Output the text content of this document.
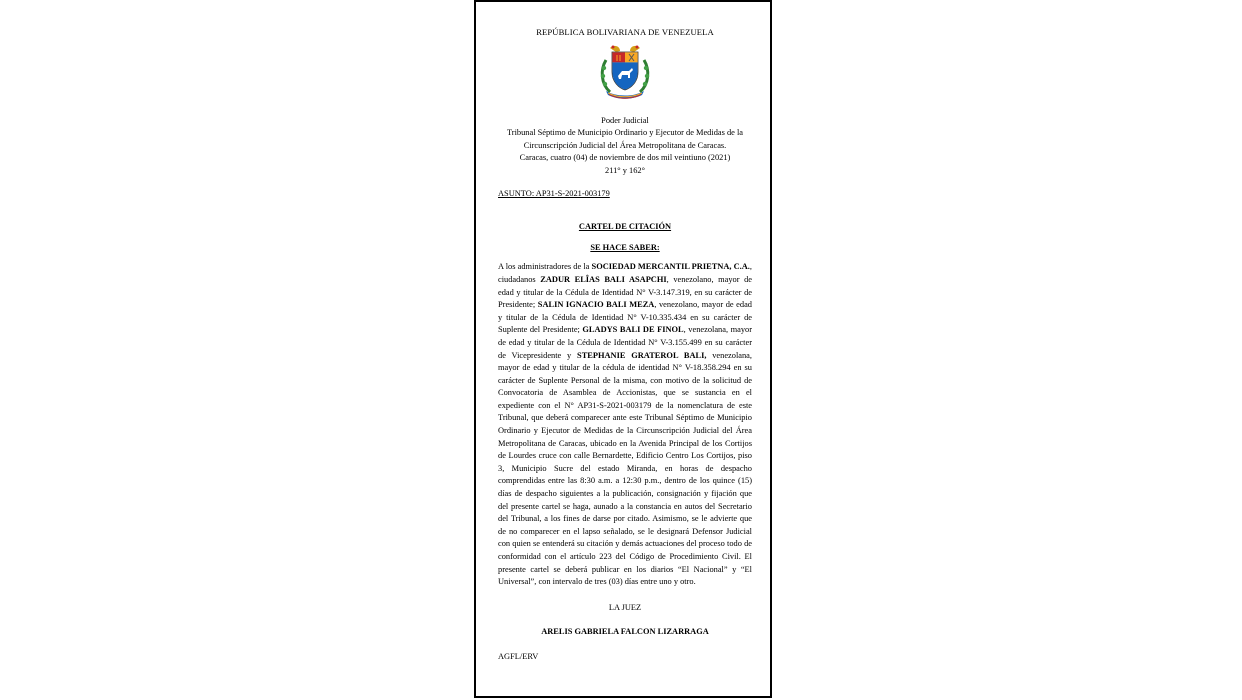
REPÚBLICA BOLIVARIANA DE VENEZUELA
Poder Judicial
Tribunal Séptimo de Municipio Ordinario y Ejecutor de Medidas de la
Circunscripción Judicial del Área Metropolitana de Caracas.
Caracas, cuatro (04) de noviembre de dos mil veintiuno (2021)
211° y 162°
ASUNTO: AP31-S-2021-003179
CARTEL DE CITACIÓN
SE HACE SABER:
A los administradores de la SOCIEDAD MERCANTIL PRIETNA, C.A., ciudadanos ZADUR ELÎAS BALI ASAPCHI, venezolano, mayor de edad y titular de la Cédula de Identidad N° V-3.147.319, en su carácter de Presidente; SALIN IGNACIO BALI MEZA, venezolano, mayor de edad y titular de la Cédula de Identidad N° V-10.335.434 en su carácter de Suplente del Presidente; GLADYS BALI DE FINOL, venezolana, mayor de edad y titular de la Cédula de Identidad N° V-3.155.499 en su carácter de Vicepresidente y STEPHANIE GRATEROL BALI, venezolana, mayor de edad y titular de la cédula de identidad N° V-18.358.294 en su carácter de Suplente Personal de la misma, con motivo de la solicitud de Convocatoria de Asamblea de Accionistas, que se sustancia en el expediente con el N° AP31-S-2021-003179 de la nomenclatura de este Tribunal, que deberá comparecer ante este Tribunal Séptimo de Municipio Ordinario y Ejecutor de Medidas de la Circunscripción Judicial del Área Metropolitana de Caracas, ubicado en la Avenida Principal de los Cortijos de Lourdes cruce con calle Bernardette, Edificio Centro Los Cortijos, piso 3, Municipio Sucre del estado Miranda, en horas de despacho comprendidas entre las 8:30 a.m. a 12:30 p.m., dentro de los quince (15) días de despacho siguientes a la publicación, consignación y fijación que del presente cartel se haga, aunado a la constancia en autos del Secretario del Tribunal, a los fines de darse por citado. Asimismo, se le advierte que de no comparecer en el lapso señalado, se le designará Defensor Judicial con quien se entenderá su citación y demás actuaciones del proceso todo de conformidad con el artículo 223 del Código de Procedimiento Civil. El presente cartel se deberá publicar en los diarios “El Nacional” y “El Universal”, con intervalo de tres (03) días entre uno y otro.
LA JUEZ
ARELIS GABRIELA FALCON LIZARRAGA
AGFL/ERV
